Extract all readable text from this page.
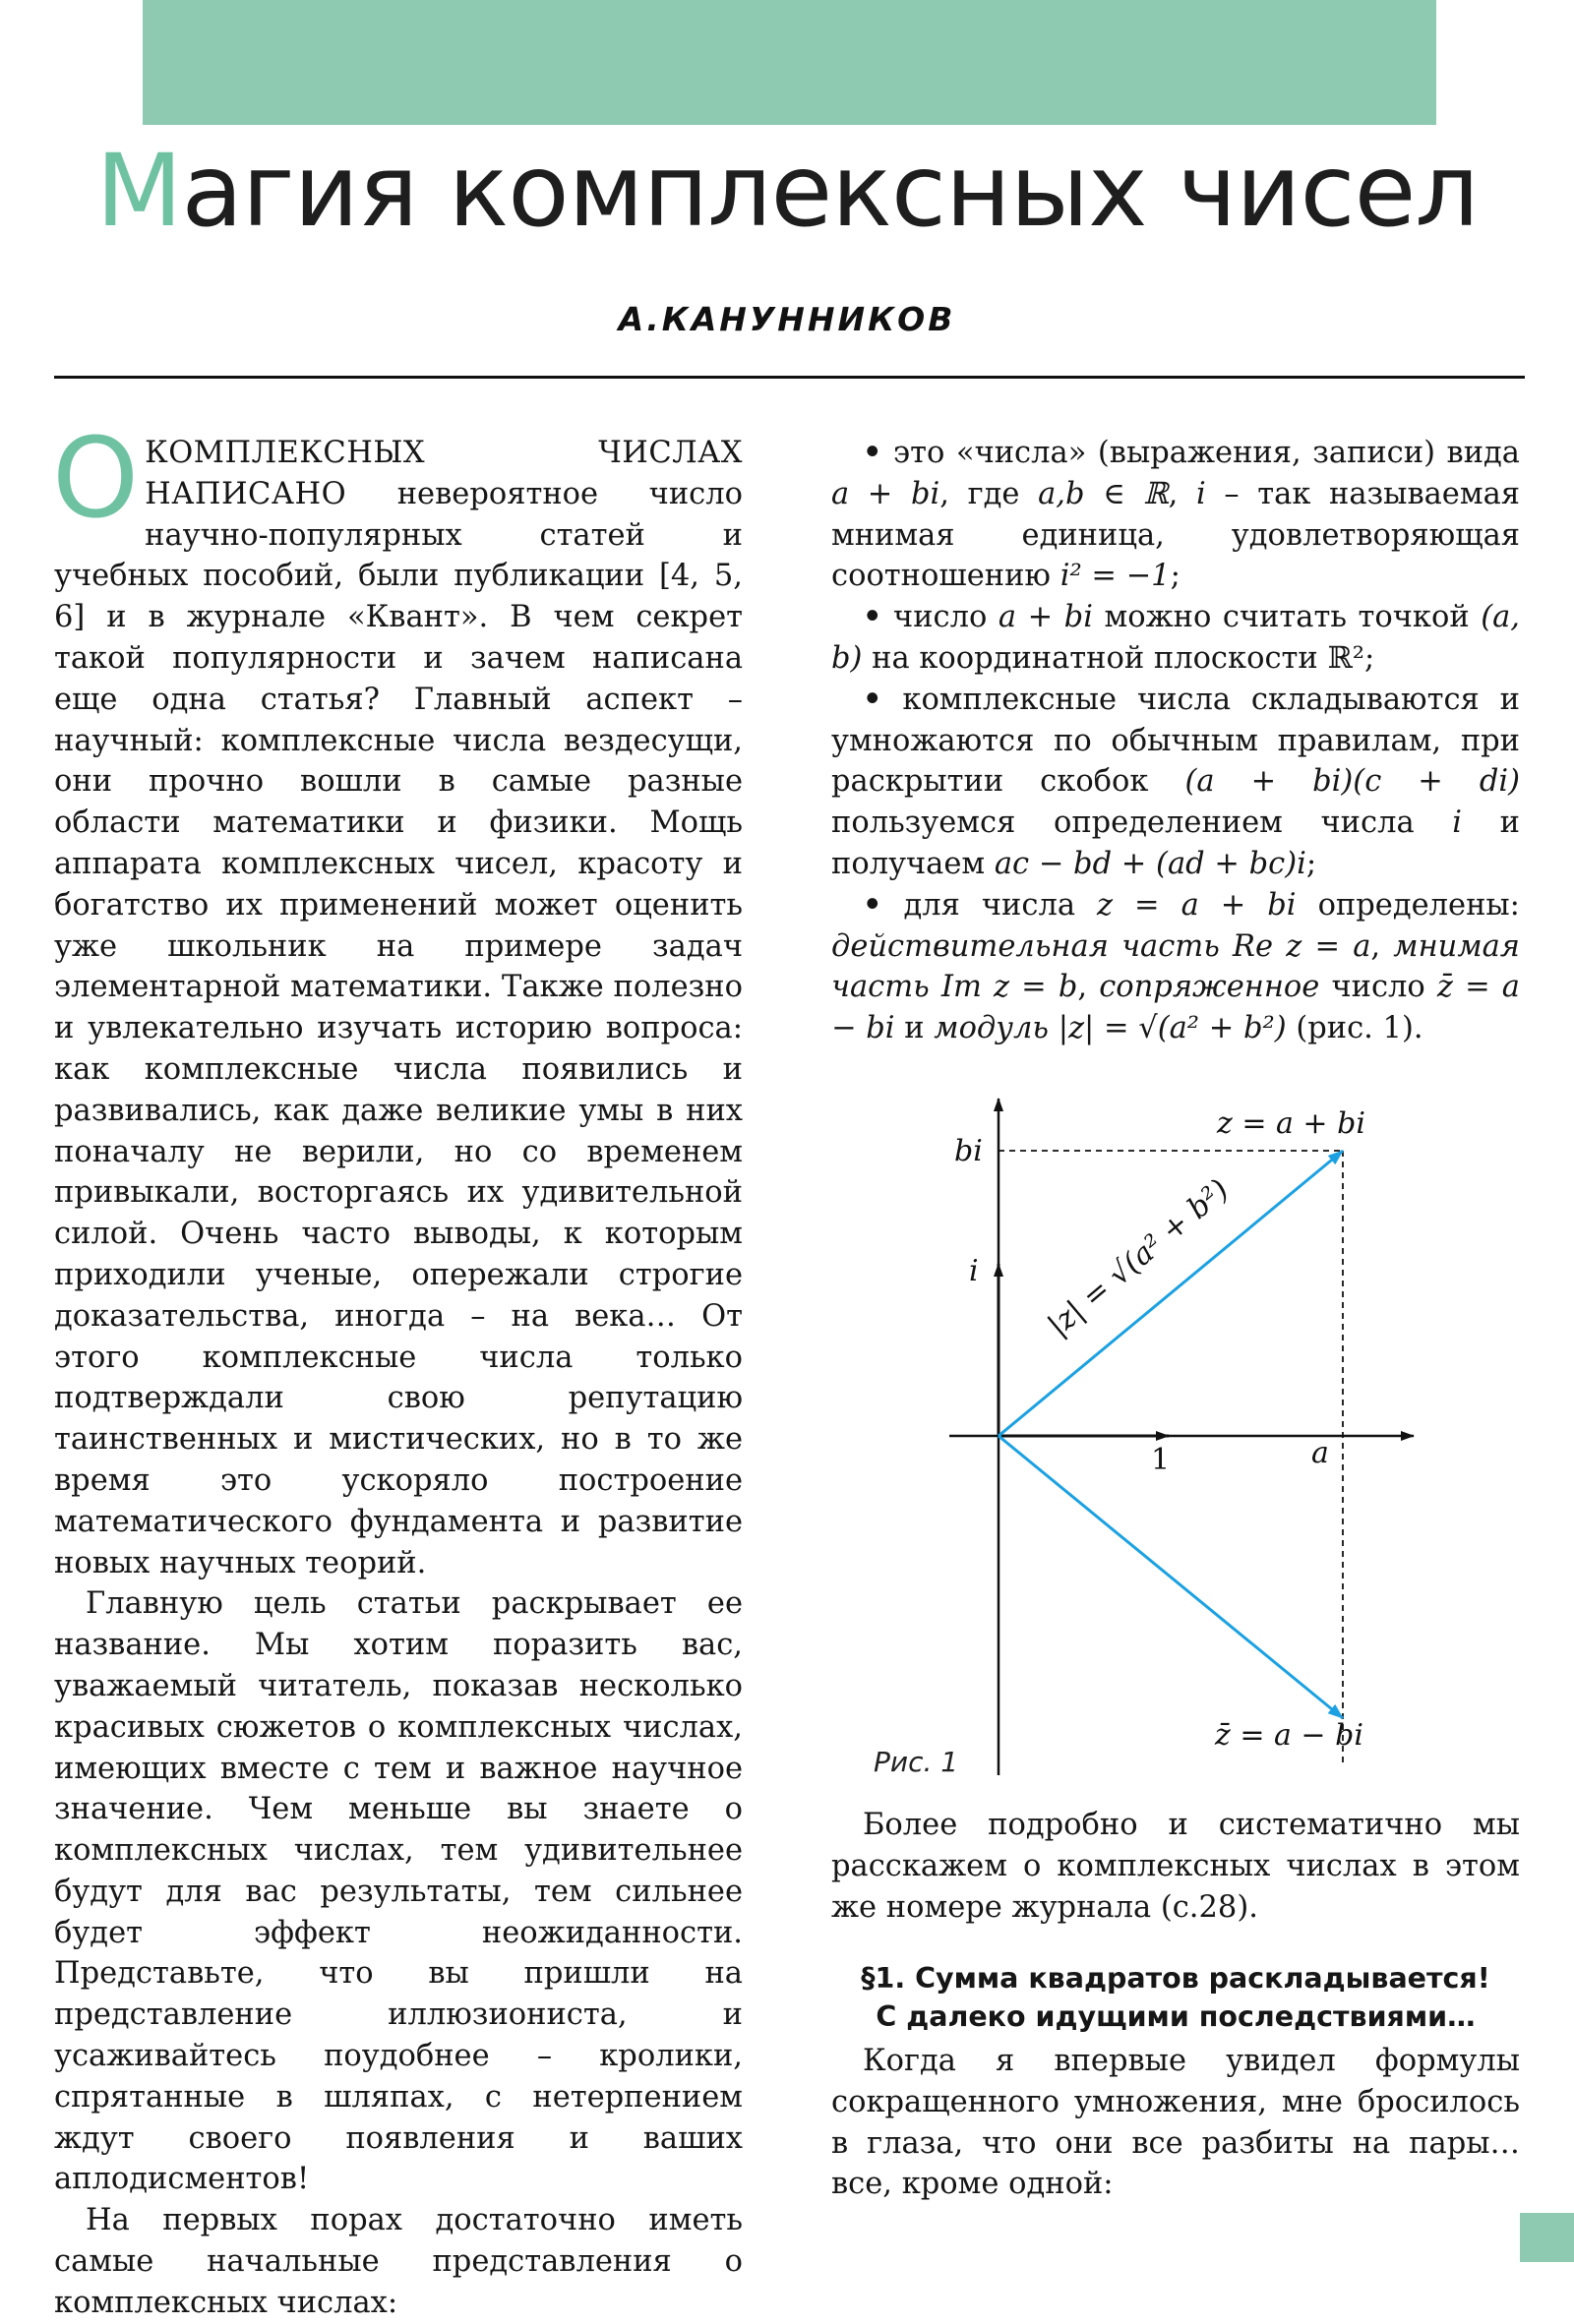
Магия комплексных чисел
А.КАНУННИКОВ

ОКОМПЛЕКСНЫХ ЧИСЛАХ НАПИСАНО невероятное число научно-популярных статей и учебных пособий, были публикации [4, 5, 6] и в журнале «Квант». В чем секрет такой популярности и зачем написана еще одна статья? Главный аспект – научный: комплексные числа вездесущи, они прочно вошли в самые разные области математики и физики. Мощь аппарата комплексных чисел, красоту и богатство их применений может оценить уже школьник на примере задач элементарной математики. Также полезно и увлекательно изучать историю вопроса: как комплексные числа появились и развивались, как даже великие умы в них поначалу не верили, но со временем привыкали, восторгаясь их удивительной силой. Очень часто выводы, к которым приходили ученые, опережали строгие доказательства, иногда – на века… От этого комплексные числа только подтверждали свою репутацию таинственных и мистических, но в то же время это ускоряло построение математического фундамента и развитие новых научных теорий.

Главную цель статьи раскрывает ее название. Мы хотим поразить вас, уважаемый читатель, показав несколько красивых сюжетов о комплексных числах, имеющих вместе с тем и важное научное значение. Чем меньше вы знаете о комплексных числах, тем удивительнее будут для вас результаты, тем сильнее будет эффект неожиданности. Представьте, что вы пришли на представление иллюзиониста, и усаживайтесь поудобнее – кролики, спрятанные в шляпах, с нетерпением ждут своего появления и ваших аплодисментов!

На первых порах достаточно иметь самые начальные представления о комплексных числах:

• это «числа» (выражения, записи) вида a + bi, где a,b ∈ ℝ, i – так называемая мнимая единица, удовлетворяющая соотношению i² = −1;

• число a + bi можно считать точкой (a, b) на координатной плоскости ℝ²;

• комплексные числа складываются и умножаются по обычным правилам, при раскрытии скобок (a + bi)(c + di) пользуемся определением числа i и получаем ac − bd + (ad + bc)i;

• для числа z = a + bi определены: действительная часть Re z = a, мнимая часть Im z = b, сопряженное число z̄ = a − bi и модуль |z| = √(a² + b²) (рис. 1).

bi
i
1	a
z = a + bi
z̄ = a − bi
|z| = √(a² + b²)
Рис. 1

Более подробно и систематично мы расскажем о комплексных числах в этом же номере журнала (с.28).

§1. Сумма квадратов раскладывается!
С далеко идущими последствиями…

Когда я впервые увидел формулы сокращенного умножения, мне бросилось в глаза, что они все разбиты на пары… все, кроме одной:
